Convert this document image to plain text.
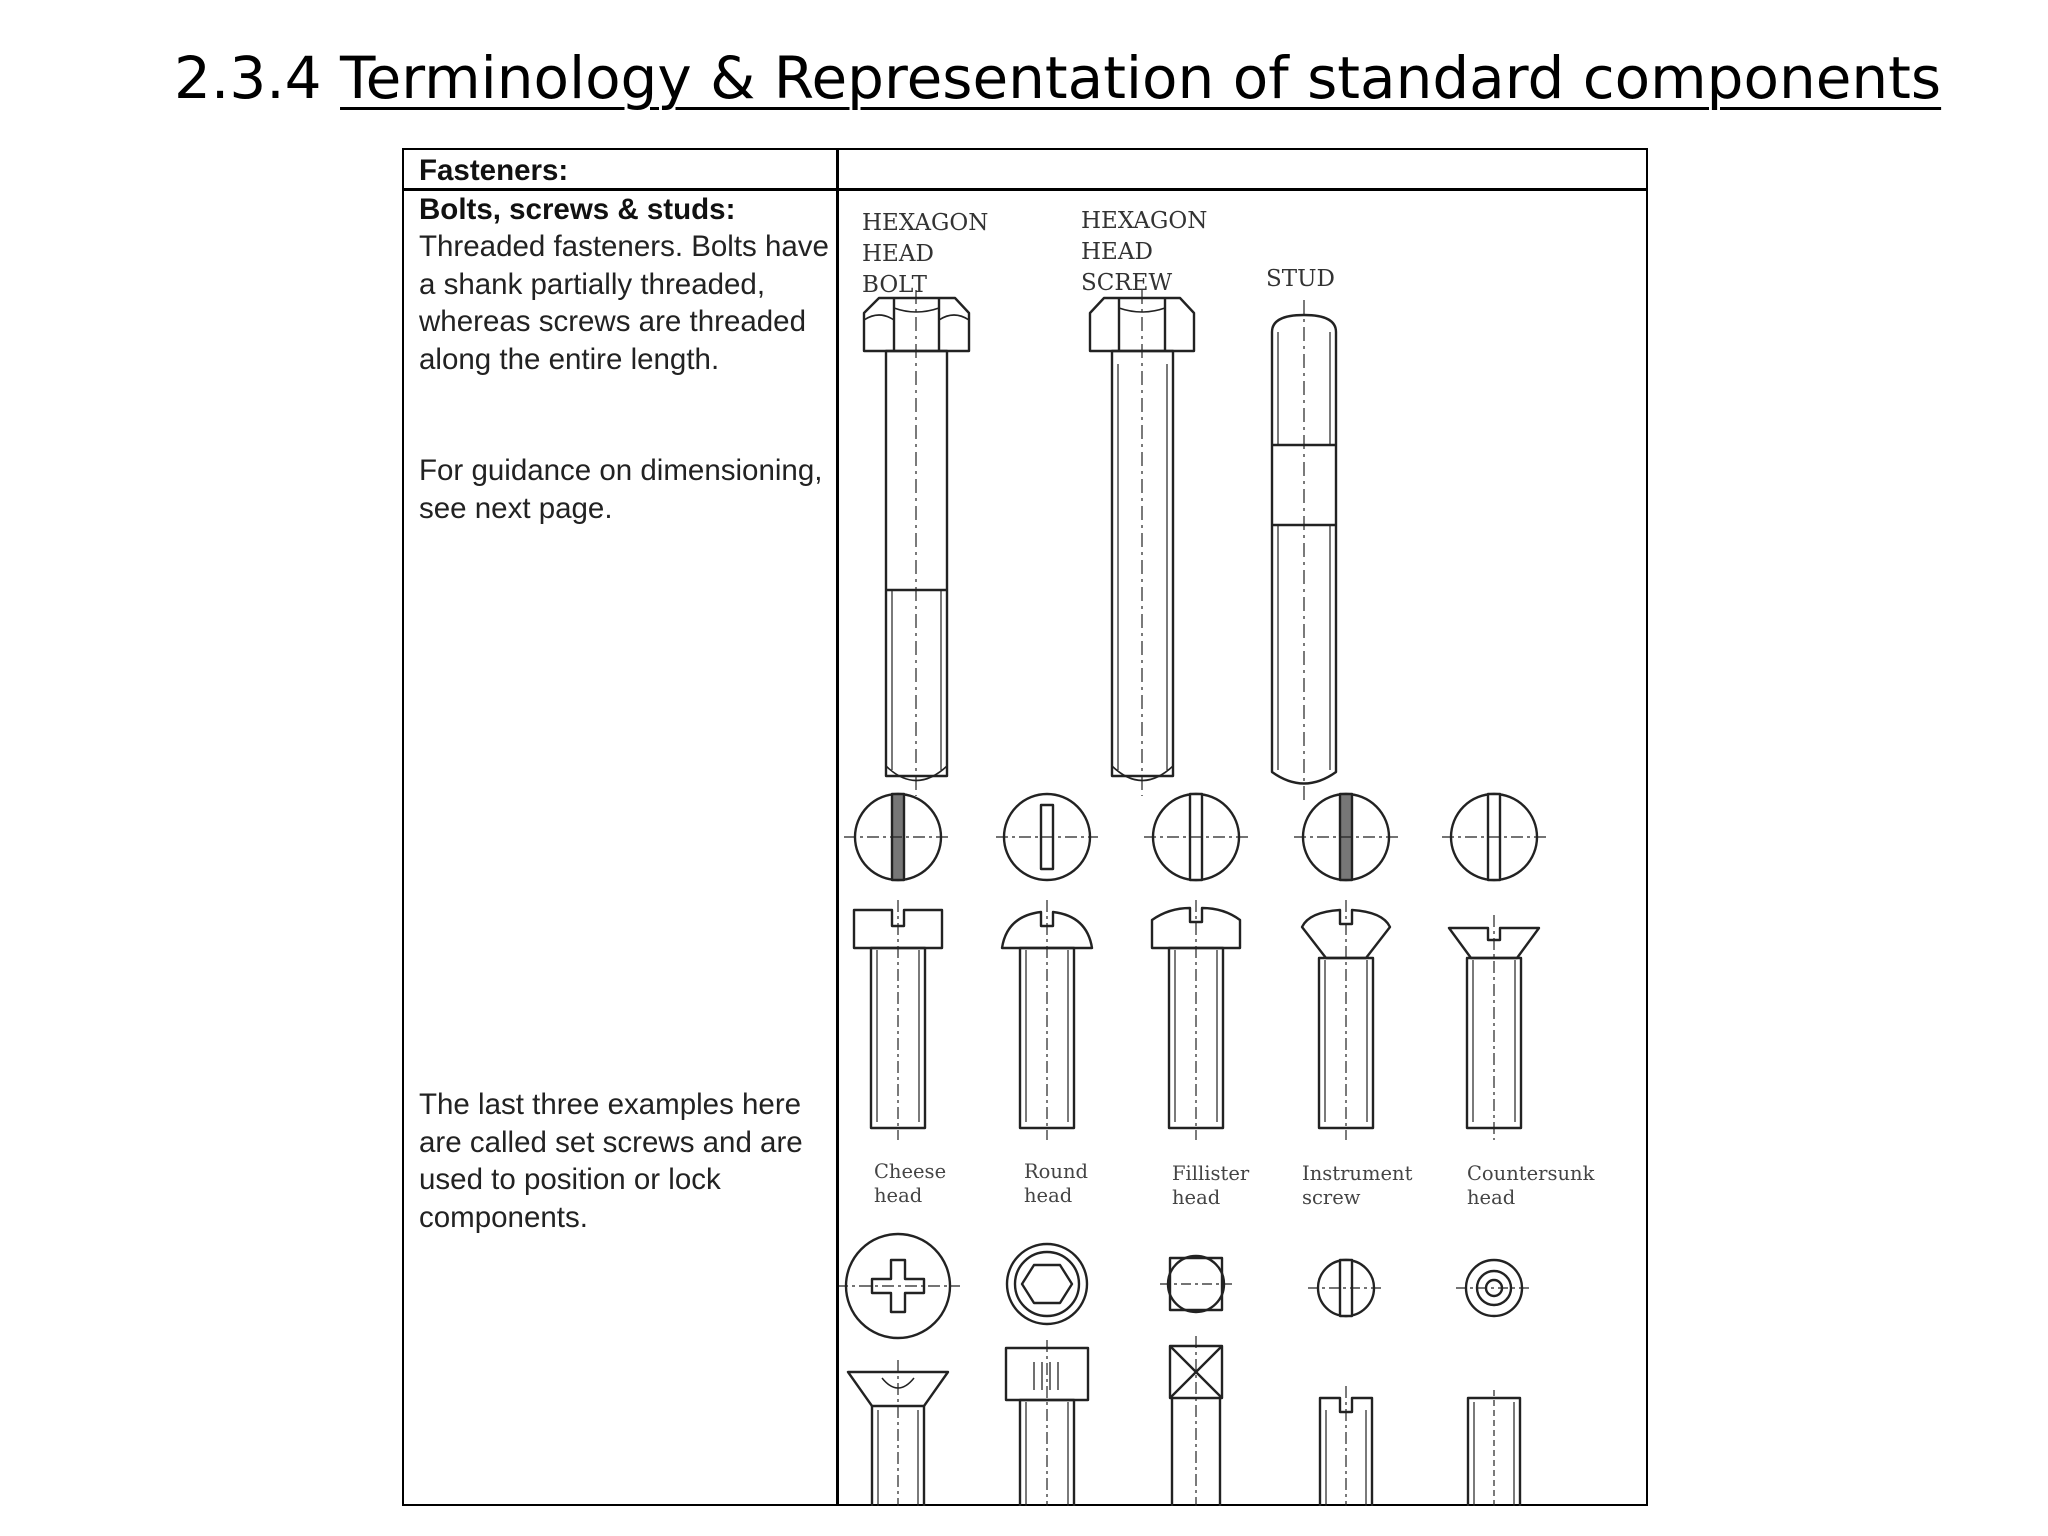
2.3.4 Terminology & Representation of standard components
Fasteners:
Bolts, screws & studs:
Threaded fasteners. Bolts have a shank partially threaded, whereas screws are threaded along the entire length.
For guidance on dimensioning, see next page.
The last three examples here are called set screws and are used to position or lock components.
HEXAGON
HEAD
BOLT
HEXAGON
HEAD
SCREW	STUD
Cheese
head
Round
head
Fillister
head
Instrument
screw
Countersunk
head
